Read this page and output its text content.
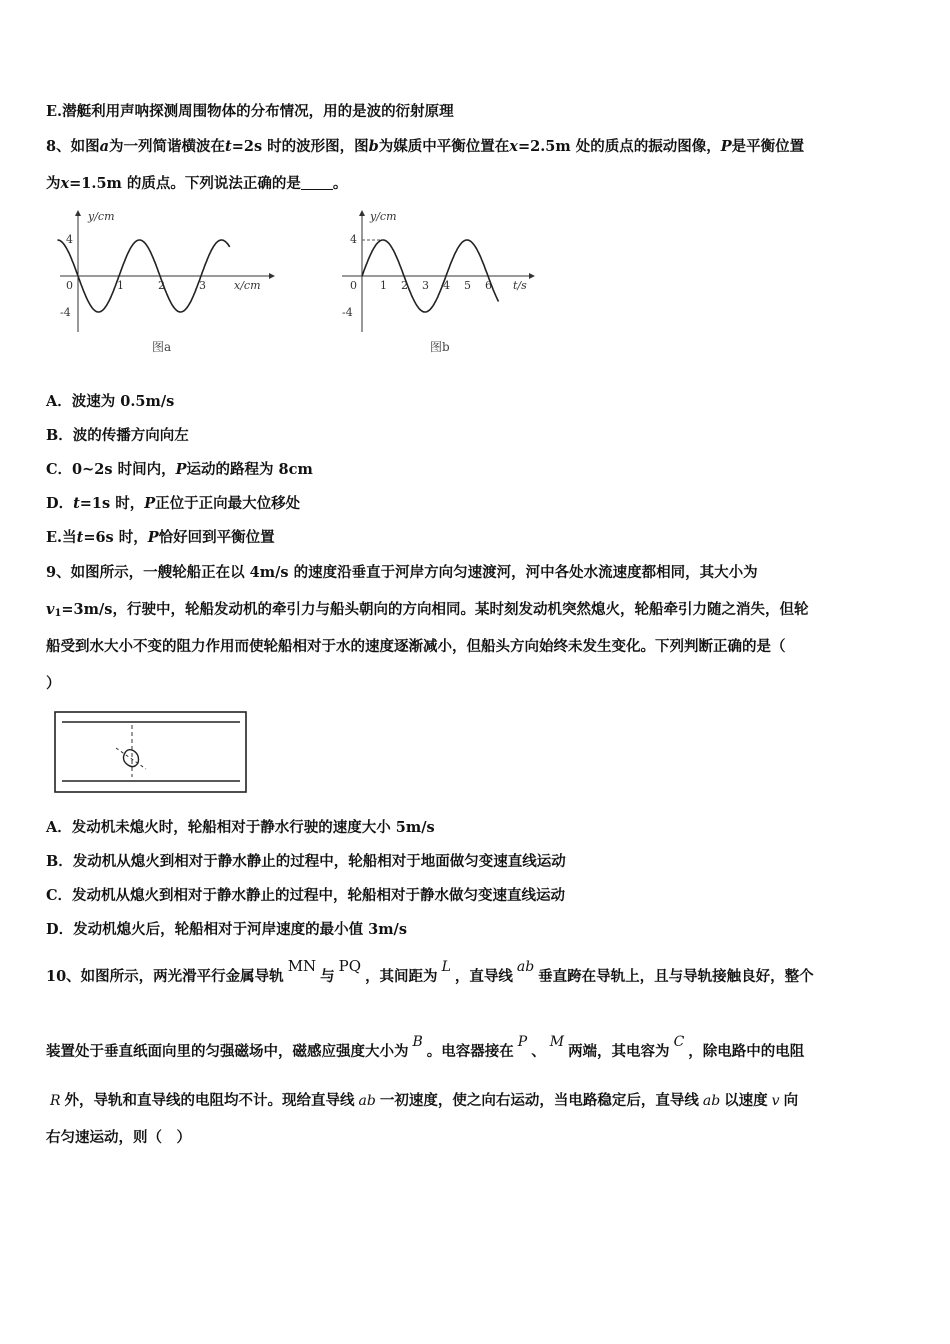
E.潜艇利用声呐探测周围物体的分布情况，用的是波的衍射原理
8、如图a为一列简谐横波在t=2s 时的波形图，图b为媒质中平衡位置在x=2.5m 处的质点的振动图像，P是平衡位置
为x=1.5m 的质点。下列说法正确的是 。
y/cm
x/cm
4
-4
0	1	2	3
图a
y/cm
t/s
4
-4
0 1 2 3 4 5 6
图b
A．波速为 0.5m/s
B．波的传播方向向左
C．0~2s 时间内，P运动的路程为 8cm
D．t=1s 时，P正位于正向最大位移处
E.当t=6s 时，P恰好回到平衡位置
9、如图所示，一艘轮船正在以 4m/s 的速度沿垂直于河岸方向匀速渡河，河中各处水流速度都相同，其大小为
$v_1=3m/s$，行驶中，轮船发动机的牵引力与船头朝向的方向相同。某时刻发动机突然熄火，轮船牵引力随之消失，但轮
船受到水大小不变的阻力作用而使轮船相对于水的速度逐渐减小，但船头方向始终未发生变化。下列判断正确的是（
）
A．发动机未熄火时，轮船相对于静水行驶的速度大小 5m/s
B．发动机从熄火到相对于静水静止的过程中，轮船相对于地面做匀变速直线运动
C．发动机从熄火到相对于静水静止的过程中，轮船相对于静水做匀变速直线运动
D．发动机熄火后，轮船相对于河岸速度的最小值 3m/s
10、如图所示，两光滑平行金属导轨MN与PQ，其间距为L，直导线ab垂直跨在导轨上，且与导轨接触良好，整个
装置处于垂直纸面向里的匀强磁场中，磁感应强度大小为B。电容器接在P、M两端，其电容为C，除电路中的电阻
R 外，导轨和直导线的电阻均不计。现给直导线 ab 一初速度，使之向右运动，当电路稳定后，直导线 ab 以速度 v 向
右匀速运动，则（　）
